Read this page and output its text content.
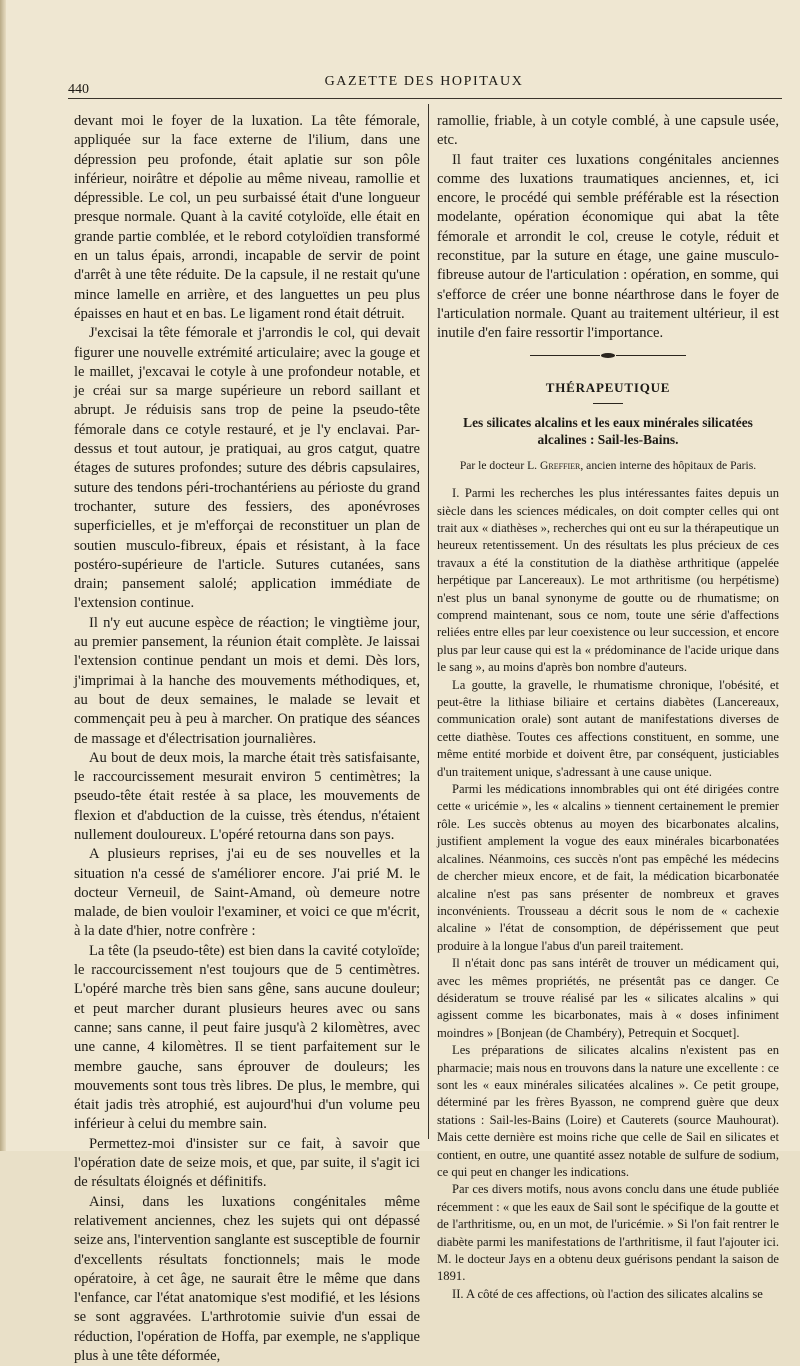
440
GAZETTE DES HOPITAUX

devant moi le foyer de la luxation. La tête fémorale, appliquée sur la face externe de l'ilium, dans une dépression peu profonde, était aplatie sur son pôle inférieur, noirâtre et dépolie au même niveau, ramollie et dépressible. Le col, un peu surbaissé était d'une longueur presque normale. Quant à la cavité cotyloïde, elle était en grande partie comblée, et le rebord cotyloïdien transformé en un talus épais, arrondi, incapable de servir de point d'arrêt à une tête réduite. De la capsule, il ne restait qu'une mince lamelle en arrière, et des languettes un peu plus épaisses en haut et en bas. Le ligament rond était détruit.

J'excisai la tête fémorale et j'arrondis le col, qui devait figurer une nouvelle extrémité articulaire; avec la gouge et le maillet, j'excavai le cotyle à une profondeur notable, et je créai sur sa marge supérieure un rebord saillant et abrupt. Je réduisis sans trop de peine la pseudo-tête fémorale dans ce cotyle restauré, et je l'y enclavai. Par-dessus et tout autour, je pratiquai, au gros catgut, quatre étages de sutures profondes; suture des débris capsulaires, suture des tendons péri-trochantériens au périoste du grand trochanter, suture des fessiers, des aponévroses superficielles, et je m'efforçai de reconstituer un plan de soutien musculo-fibreux, épais et résistant, à la face postéro-supérieure de l'article. Sutures cutanées, sans drain; pansement salolé; application immédiate de l'extension continue.

Il n'y eut aucune espèce de réaction; le vingtième jour, au premier pansement, la réunion était complète. Je laissai l'extension continue pendant un mois et demi. Dès lors, j'imprimai à la hanche des mouvements méthodiques, et, au bout de deux semaines, le malade se levait et commençait peu à peu à marcher. On pratique des séances de massage et d'électrisation journalières.

Au bout de deux mois, la marche était très satisfaisante, le raccourcissement mesurait environ 5 centimètres; la pseudo-tête était restée à sa place, les mouvements de flexion et d'abduction de la cuisse, très étendus, n'étaient nullement douloureux. L'opéré retourna dans son pays.

A plusieurs reprises, j'ai eu de ses nouvelles et la situation n'a cessé de s'améliorer encore. J'ai prié M. le docteur Verneuil, de Saint-Amand, où demeure notre malade, de bien vouloir l'examiner, et voici ce que m'écrit, à la date d'hier, notre confrère :

La tête (la pseudo-tête) est bien dans la cavité cotyloïde; le raccourcissement n'est toujours que de 5 centimètres. L'opéré marche très bien sans gêne, sans aucune douleur; et peut marcher durant plusieurs heures avec ou sans canne; sans canne, il peut faire jusqu'à 2 kilomètres, avec une canne, 4 kilomètres. Il se tient parfaitement sur le membre gauche, sans éprouver de douleurs; les mouvements sont tous très libres. De plus, le membre, qui était jadis très atrophié, est aujourd'hui d'un volume peu inférieur à celui du membre sain.

Permettez-moi d'insister sur ce fait, à savoir que l'opération date de seize mois, et que, par suite, il s'agit ici de résultats éloignés et définitifs.

Ainsi, dans les luxations congénitales même relativement anciennes, chez les sujets qui ont dépassé seize ans, l'intervention sanglante est susceptible de fournir d'excellents résultats fonctionnels; mais le mode opératoire, à cet âge, ne saurait être le même que dans l'enfance, car l'état anatomique s'est modifié, et les lésions se sont aggravées. L'arthrotomie suivie d'un essai de réduction, l'opération de Hoffa, par exemple, ne s'applique plus à une tête déformée,

ramollie, friable, à un cotyle comblé, à une capsule usée, etc.

Il faut traiter ces luxations congénitales anciennes comme des luxations traumatiques anciennes, et, ici encore, le procédé qui semble préférable est la résection modelante, opération économique qui abat la tête fémorale et arrondit le col, creuse le cotyle, réduit et reconstitue, par la suture en étage, une gaine musculo-fibreuse autour de l'articulation : opération, en somme, qui s'efforce de créer une bonne néarthrose dans le foyer de l'articulation normale. Quant au traitement ultérieur, il est inutile d'en faire ressortir l'importance.

THÉRAPEUTIQUE
Les silicates alcalins et les eaux minérales silicatées alcalines : Sail-les-Bains.
Par le docteur L. Greffier, ancien interne des hôpitaux de Paris.

I. Parmi les recherches les plus intéressantes faites depuis un siècle dans les sciences médicales, on doit compter celles qui ont trait aux « diathèses », recherches qui ont eu sur la thérapeutique un heureux retentissement. Un des résultats les plus précieux de ces travaux a été la constitution de la diathèse arthritique (appelée herpétique par Lancereaux). Le mot arthritisme (ou herpétisme) n'est plus un banal synonyme de goutte ou de rhumatisme; on comprend maintenant, sous ce nom, toute une série d'affections reliées entre elles par leur coexistence ou leur succession, et encore plus par leur cause qui est la « prédominance de l'acide urique dans le sang », au moins d'après bon nombre d'auteurs.

La goutte, la gravelle, le rhumatisme chronique, l'obésité, et peut-être la lithiase biliaire et certains diabètes (Lancereaux, communication orale) sont autant de manifestations diverses de cette diathèse. Toutes ces affections constituent, en somme, une même entité morbide et doivent être, par conséquent, justiciables d'un traitement unique, s'adressant à une cause unique.

Parmi les médications innombrables qui ont été dirigées contre cette « uricémie », les « alcalins » tiennent certainement le premier rôle. Les succès obtenus au moyen des bicarbonates alcalins, justifient amplement la vogue des eaux minérales bicarbonatées alcalines. Néanmoins, ces succès n'ont pas empêché les médecins de chercher mieux encore, et de fait, la médication bicarbonatée alcaline n'est pas sans présenter de nombreux et graves inconvénients. Trousseau a décrit sous le nom de « cachexie alcaline » l'état de consomption, de dépérissement que peut produire à la longue l'abus d'un pareil traitement.

Il n'était donc pas sans intérêt de trouver un médicament qui, avec les mêmes propriétés, ne présentât pas ce danger. Ce désideratum se trouve réalisé par les « silicates alcalins » qui agissent comme les bicarbonates, mais à « doses infiniment moindres » [Bonjean (de Chambéry), Petrequin et Socquet].

Les préparations de silicates alcalins n'existent pas en pharmacie; mais nous en trouvons dans la nature une excellente : ce sont les « eaux minérales silicatées alcalines ». Ce petit groupe, déterminé par les frères Byasson, ne comprend guère que deux stations : Sail-les-Bains (Loire) et Cauterets (source Mauhourat). Mais cette dernière est moins riche que celle de Sail en silicates et contient, en outre, une quantité assez notable de sulfure de sodium, ce qui peut en changer les indications.

Par ces divers motifs, nous avons conclu dans une étude publiée récemment : « que les eaux de Sail sont le spécifique de la goutte et de l'arthritisme, ou, en un mot, de l'uricémie. » Si l'on fait rentrer le diabète parmi les manifestations de l'arthritisme, il faut l'ajouter ici. M. le docteur Jays en a obtenu deux guérisons pendant la saison de 1891.

II. A côté de ces affections, où l'action des silicates alcalins se
